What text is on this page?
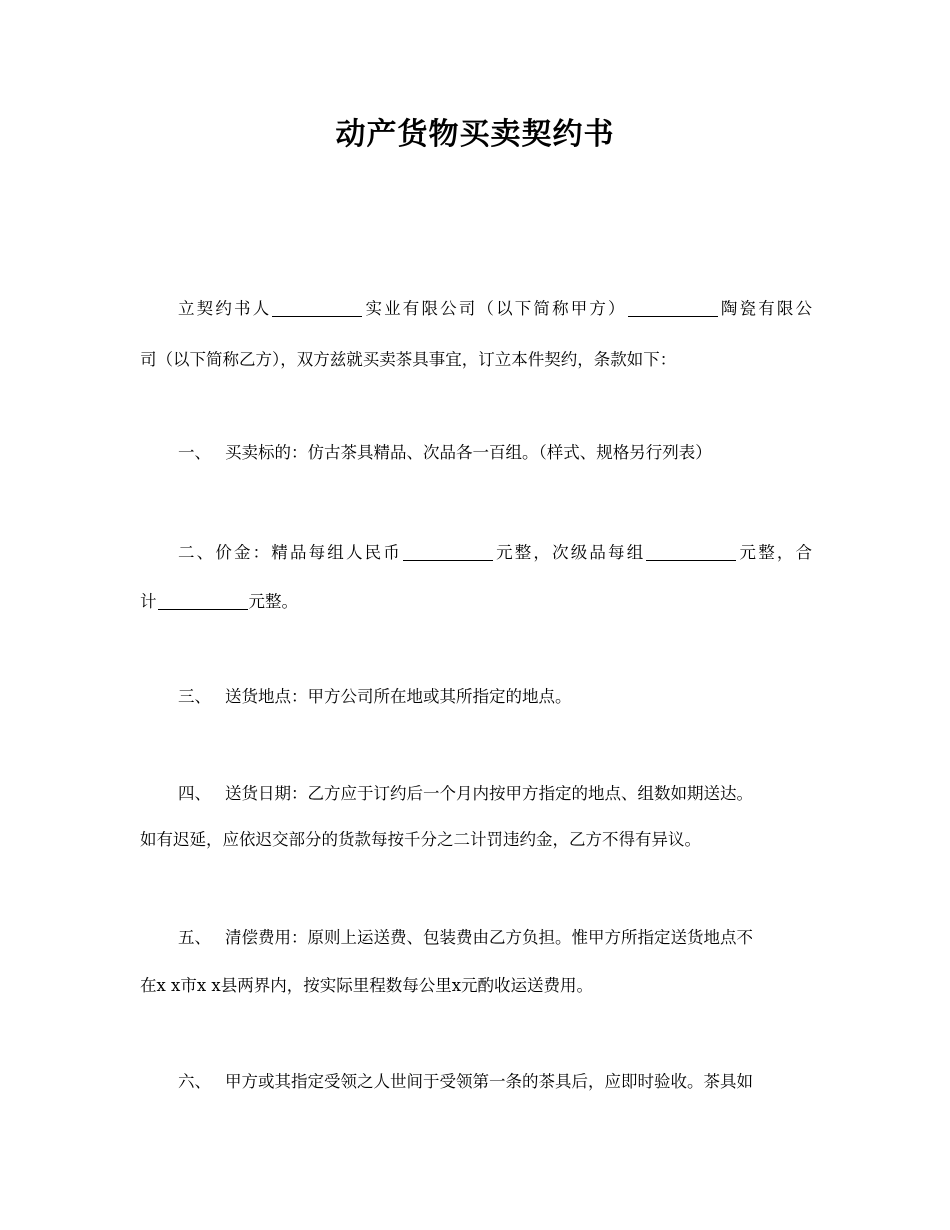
动产货物买卖契约书
立契约书人	实业有限公司（以下简称甲方）	陶瓷有限公
司（以下简称乙方），双方兹就买卖茶具事宜，订立本件契约，条款如下：
一、 买卖标的：仿古茶具精品、次品各一百组。（样式、规格另行列表）
二、价金：精品每组人民币	元整，次级品每组	元整，合
计	元整。
三、 送货地点：甲方公司所在地或其所指定的地点。
四、 送货日期：乙方应于订约后一个月内按甲方指定的地点、组数如期送达。
如有迟延，应依迟交部分的货款每按千分之二计罚违约金，乙方不得有异议。
五、 清偿费用：原则上运送费、包装费由乙方负担。惟甲方所指定送货地点不
在x x市x x县两界内，按实际里程数每公里x元酌收运送费用。
六、 甲方或其指定受领之人世间于受领第一条的茶具后，应即时验收。茶具如
